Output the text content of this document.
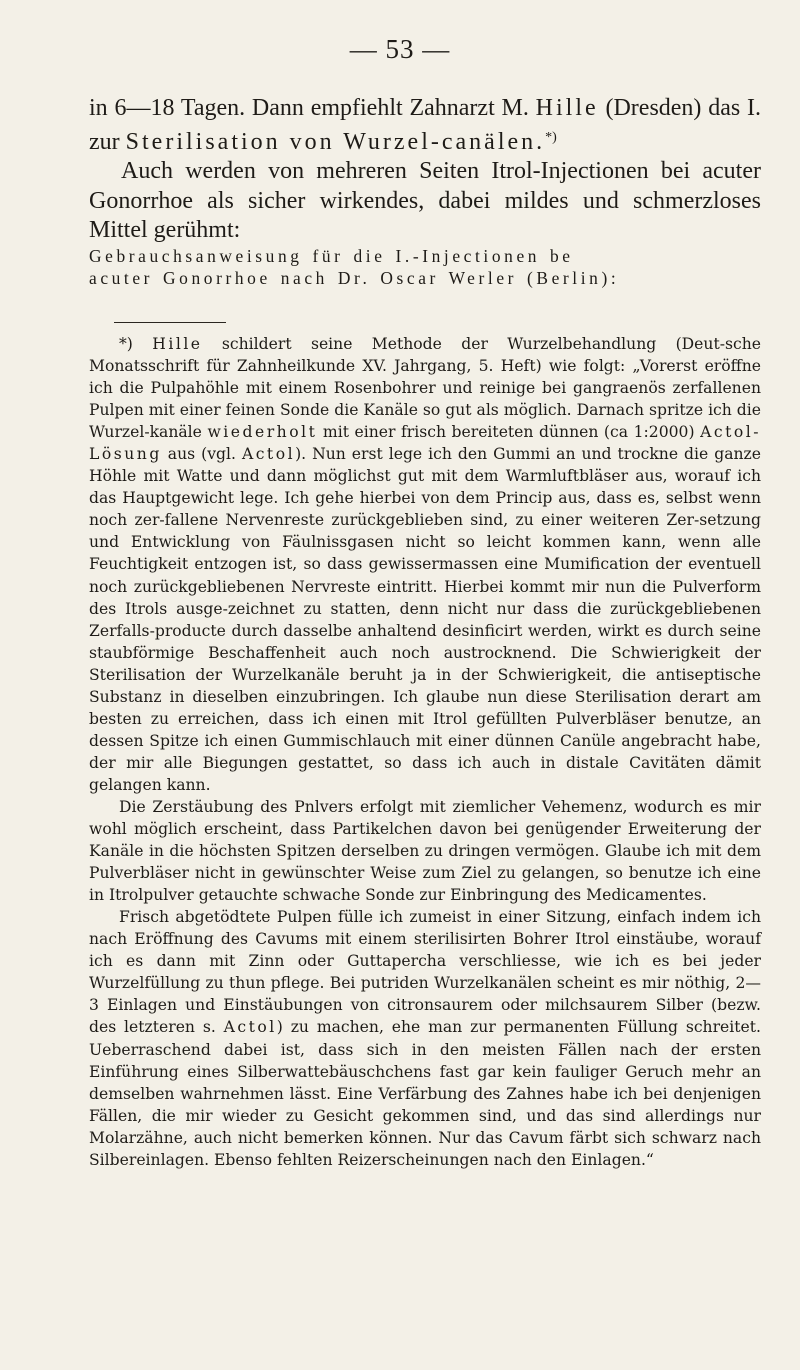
— 53 —

in 6—18 Tagen. Dann empfiehlt Zahnarzt M. Hille (Dresden) das I. zur Sterilisation von Wurzel-canälen.*)

Auch werden von mehreren Seiten Itrol-Injectionen bei acuter Gonorrhoe als sicher wirkendes, dabei mildes und schmerzloses Mittel gerühmt:

Gebrauchsanweisung für die I.-Injectionen be

acuter Gonorrhoe nach Dr. Oscar Werler (Berlin):

*) Hille schildert seine Methode der Wurzelbehandlung (Deut-sche Monatsschrift für Zahnheilkunde XV. Jahrgang, 5. Heft) wie folgt: „Vorerst eröffne ich die Pulpahöhle mit einem Rosenbohrer und reinige bei gangraenös zerfallenen Pulpen mit einer feinen Sonde die Kanäle so gut als möglich. Darnach spritze ich die Wurzel-kanäle wiederholt mit einer frisch bereiteten dünnen (ca 1:2000) Actol-Lösung aus (vgl. Actol). Nun erst lege ich den Gummi an und trockne die ganze Höhle mit Watte und dann möglichst gut mit dem Warmluftbläser aus, worauf ich das Hauptgewicht lege. Ich gehe hierbei von dem Princip aus, dass es, selbst wenn noch zer-fallene Nervenreste zurückgeblieben sind, zu einer weiteren Zer-setzung und Entwicklung von Fäulnissgasen nicht so leicht kommen kann, wenn alle Feuchtigkeit entzogen ist, so dass gewissermassen eine Mumification der eventuell noch zurückgebliebenen Nervreste eintritt. Hierbei kommt mir nun die Pulverform des Itrols ausge-zeichnet zu statten, denn nicht nur dass die zurückgebliebenen Zerfalls-producte durch dasselbe anhaltend desinficirt werden, wirkt es durch seine staubförmige Beschaffenheit auch noch austrocknend. Die Schwierigkeit der Sterilisation der Wurzelkanäle beruht ja in der Schwierigkeit, die antiseptische Substanz in dieselben einzubringen. Ich glaube nun diese Sterilisation derart am besten zu erreichen, dass ich einen mit Itrol gefüllten Pulverbläser benutze, an dessen Spitze ich einen Gummischlauch mit einer dünnen Canüle angebracht habe, der mir alle Biegungen gestattet, so dass ich auch in distale Cavitäten dämit gelangen kann.

Die Zerstäubung des Pnlvers erfolgt mit ziemlicher Vehemenz, wodurch es mir wohl möglich erscheint, dass Partikelchen davon bei genügender Erweiterung der Kanäle in die höchsten Spitzen derselben zu dringen vermögen. Glaube ich mit dem Pulverbläser nicht in gewünschter Weise zum Ziel zu gelangen, so benutze ich eine in Itrolpulver getauchte schwache Sonde zur Einbringung des Medicamentes.

Frisch abgetödtete Pulpen fülle ich zumeist in einer Sitzung, einfach indem ich nach Eröffnung des Cavums mit einem sterilisirten Bohrer Itrol einstäube, worauf ich es dann mit Zinn oder Guttapercha verschliesse, wie ich es bei jeder Wurzelfüllung zu thun pflege. Bei putriden Wurzelkanälen scheint es mir nöthig, 2—3 Einlagen und Einstäubungen von citronsaurem oder milchsaurem Silber (bezw. des letzteren s. Actol) zu machen, ehe man zur permanenten Füllung schreitet. Ueberraschend dabei ist, dass sich in den meisten Fällen nach der ersten Einführung eines Silberwattebäuschchens fast gar kein fauliger Geruch mehr an demselben wahrnehmen lässt. Eine Verfärbung des Zahnes habe ich bei denjenigen Fällen, die mir wieder zu Gesicht gekommen sind, und das sind allerdings nur Molarzähne, auch nicht bemerken können. Nur das Cavum färbt sich schwarz nach Silbereinlagen. Ebenso fehlten Reizerscheinungen nach den Einlagen.“
